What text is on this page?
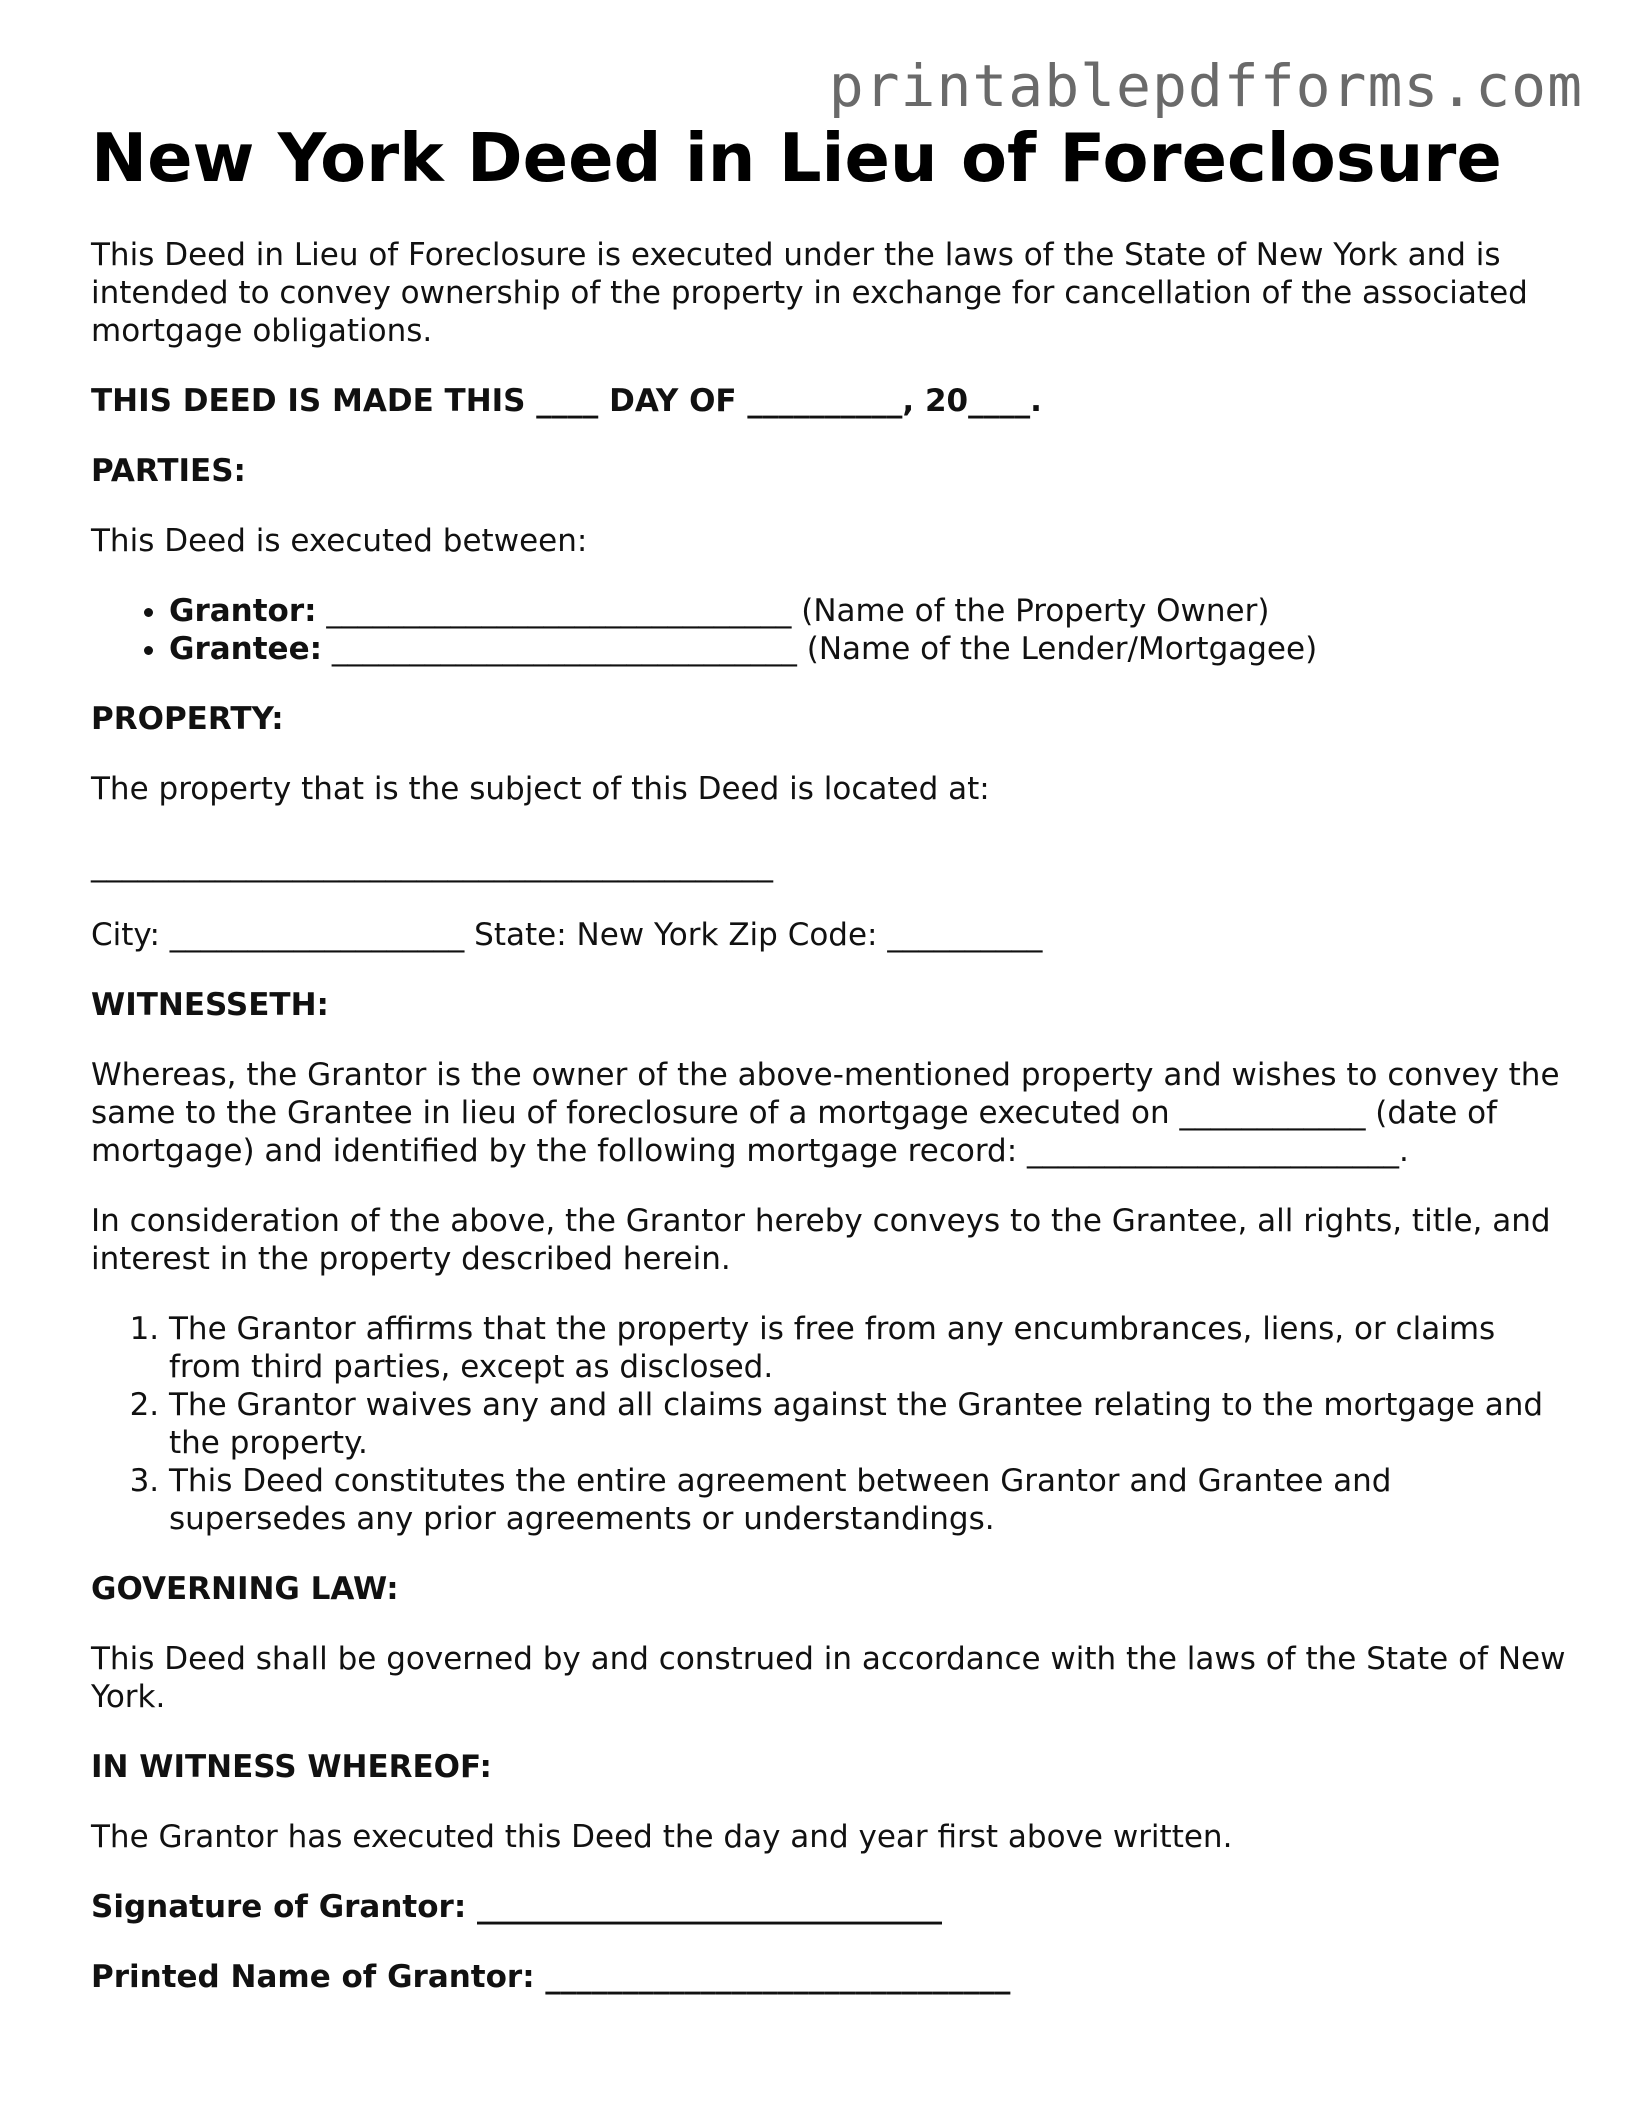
printablepdfforms.com
New York Deed in Lieu of Foreclosure

This Deed in Lieu of Foreclosure is executed under the laws of the State of New York and is intended to convey ownership of the property in exchange for cancellation of the associated mortgage obligations.

THIS DEED IS MADE THIS ____ DAY OF __________, 20____.

PARTIES:

This Deed is executed between:

• Grantor: ______________________________ (Name of the Property Owner)
• Grantee: ______________________________ (Name of the Lender/Mortgagee)

PROPERTY:

The property that is the subject of this Deed is located at:

____________________________________________

City: ___________________ State: New York Zip Code: __________

WITNESSETH:

Whereas, the Grantor is the owner of the above-mentioned property and wishes to convey the same to the Grantee in lieu of foreclosure of a mortgage executed on ____________ (date of mortgage) and identified by the following mortgage record: ________________________.

In consideration of the above, the Grantor hereby conveys to the Grantee, all rights, title, and interest in the property described herein.

1. The Grantor affirms that the property is free from any encumbrances, liens, or claims from third parties, except as disclosed.
2. The Grantor waives any and all claims against the Grantee relating to the mortgage and the property.
3. This Deed constitutes the entire agreement between Grantor and Grantee and supersedes any prior agreements or understandings.

GOVERNING LAW:

This Deed shall be governed by and construed in accordance with the laws of the State of New York.

IN WITNESS WHEREOF:

The Grantor has executed this Deed the day and year first above written.

Signature of Grantor: ______________________________

Printed Name of Grantor: ______________________________
